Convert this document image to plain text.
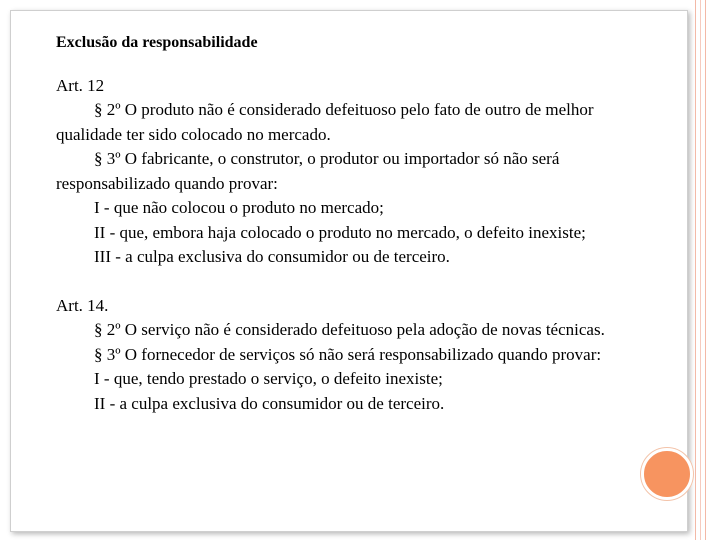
Exclusão da responsabilidade

Art. 12

§ 2º O produto não é considerado defeituoso pelo fato de outro de melhor qualidade ter sido colocado no mercado.

§ 3º O fabricante, o construtor, o produtor ou importador só não será responsabilizado quando provar:

I - que não colocou o produto no mercado;

II - que, embora haja colocado o produto no mercado, o defeito inexiste;

III - a culpa exclusiva do consumidor ou de terceiro.

Art. 14.

§ 2º O serviço não é considerado defeituoso pela adoção de novas técnicas.

§ 3º O fornecedor de serviços só não será responsabilizado quando provar:

I - que, tendo prestado o serviço, o defeito inexiste;

II - a culpa exclusiva do consumidor ou de terceiro.
